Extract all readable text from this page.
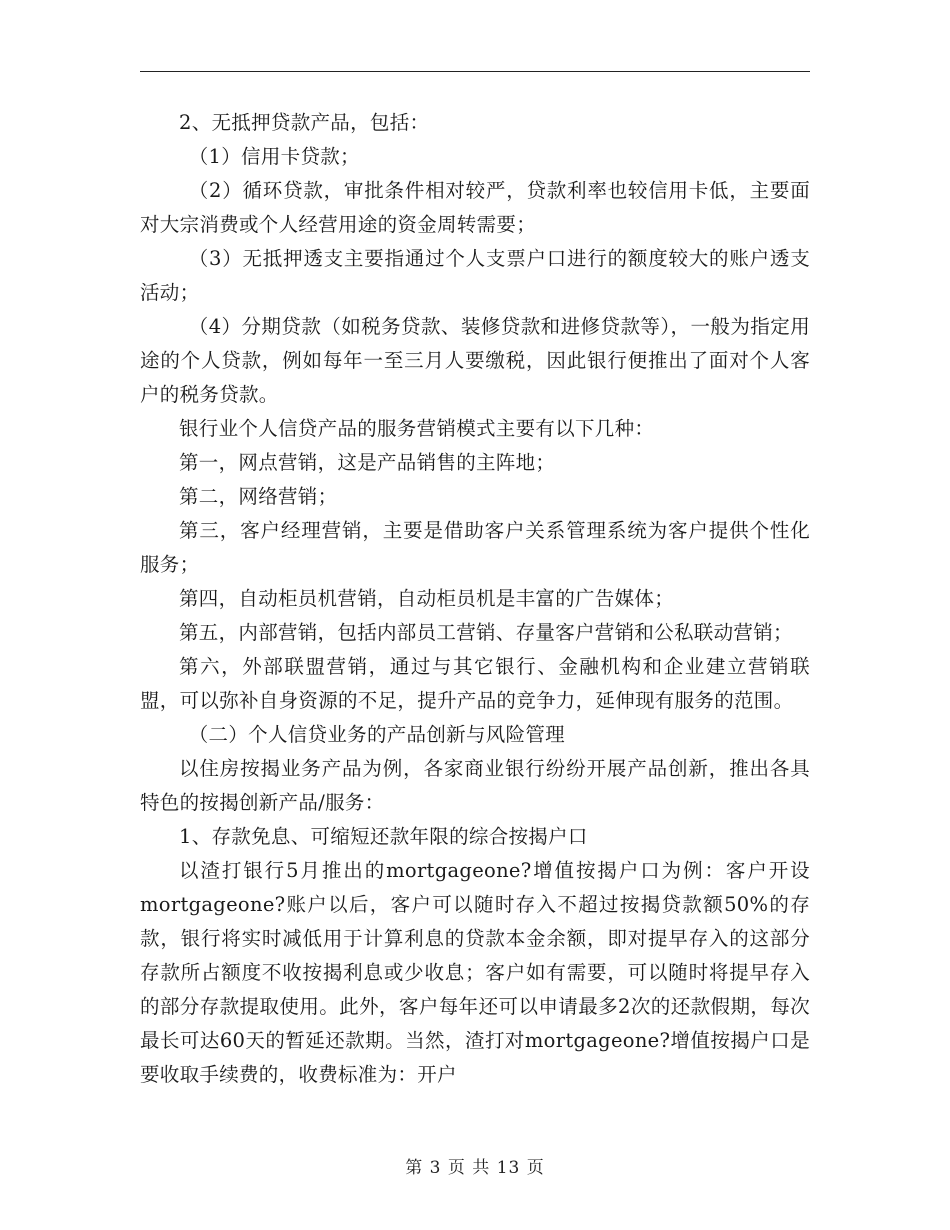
2、无抵押贷款产品，包括：

（1）信用卡贷款；

（2）循环贷款，审批条件相对较严，贷款利率也较信用卡低，主要面对大宗消费或个人经营用途的资金周转需要；

（3）无抵押透支主要指通过个人支票户口进行的额度较大的账户透支活动；

（4）分期贷款（如税务贷款、装修贷款和进修贷款等），一般为指定用途的个人贷款，例如每年一至三月人要缴税，因此银行便推出了面对个人客户的税务贷款。

银行业个人信贷产品的服务营销模式主要有以下几种：

第一，网点营销，这是产品销售的主阵地；

第二，网络营销；

第三，客户经理营销，主要是借助客户关系管理系统为客户提供个性化服务；

第四，自动柜员机营销，自动柜员机是丰富的广告媒体；

第五，内部营销，包括内部员工营销、存量客户营销和公私联动营销；

第六，外部联盟营销，通过与其它银行、金融机构和企业建立营销联盟，可以弥补自身资源的不足，提升产品的竞争力，延伸现有服务的范围。

（二）个人信贷业务的产品创新与风险管理

以住房按揭业务产品为例，各家商业银行纷纷开展产品创新，推出各具特色的按揭创新产品/服务：

1、存款免息、可缩短还款年限的综合按揭户口

以渣打银行5月推出的mortgageone?增值按揭户口为例：客户开设mortgageone?账户以后，客户可以随时存入不超过按揭贷款额50%的存款，银行将实时减低用于计算利息的贷款本金余额，即对提早存入的这部分存款所占额度不收按揭利息或少收息；客户如有需要，可以随时将提早存入的部分存款提取使用。此外，客户每年还可以申请最多2次的还款假期，每次最长可达60天的暂延还款期。当然，渣打对mortgageone?增值按揭户口是要收取手续费的，收费标准为：开户

第 3 页 共 13 页
